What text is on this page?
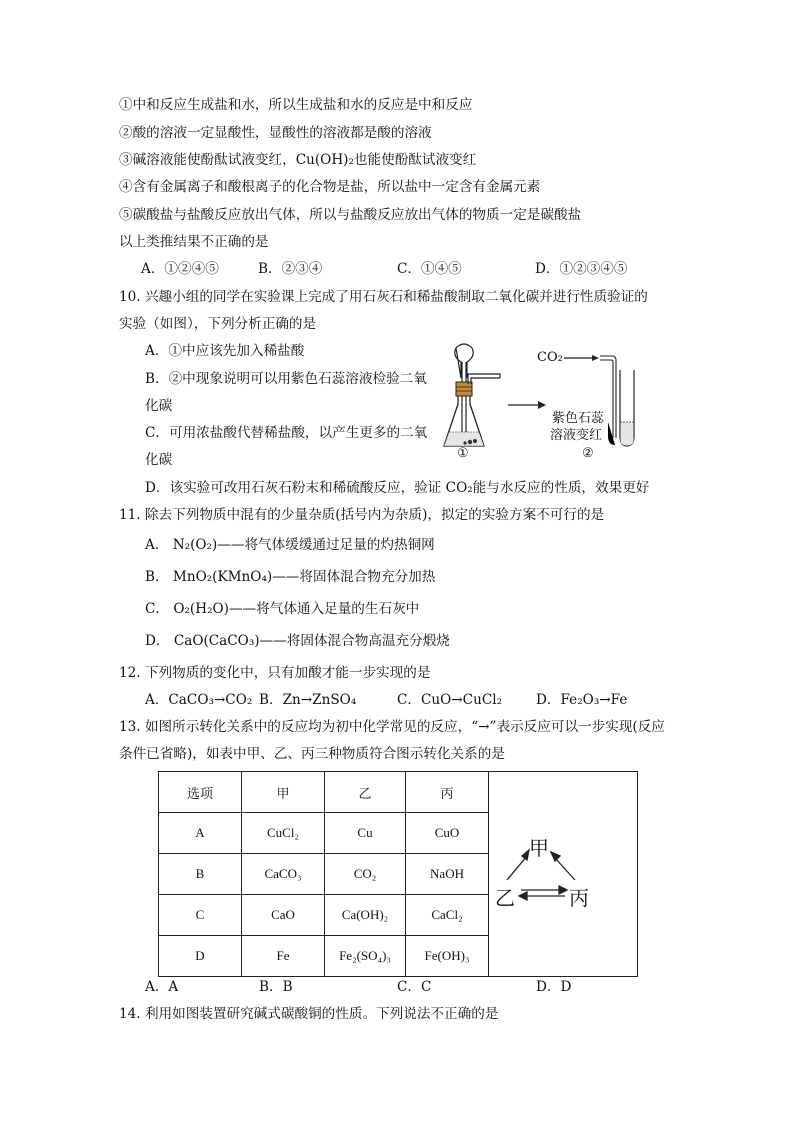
①中和反应生成盐和水，所以生成盐和水的反应是中和反应
②酸的溶液一定显酸性，显酸性的溶液都是酸的溶液
③碱溶液能使酚酞试液变红，Cu(OH)₂也能使酚酞试液变红
④含有金属离子和酸根离子的化合物是盐，所以盐中一定含有金属元素
⑤碳酸盐与盐酸反应放出气体，所以与盐酸反应放出气体的物质一定是碳酸盐
以上类推结果不正确的是
A．①②④⑤	B．②③④	C．①④⑤	D．①②③④⑤
10. 兴趣小组的同学在实验课上完成了用石灰石和稀盐酸制取二氧化碳并进行性质验证的
实验（如图），下列分析正确的是
A．①中应该先加入稀盐酸
B．②中现象说明可以用紫色石蕊溶液检验二氧
化碳
C．可用浓盐酸代替稀盐酸，以产生更多的二氧
化碳
D．该实验可改用石灰石粉末和稀硫酸反应，验证 CO₂能与水反应的性质，效果更好
CO₂
紫色石蕊
溶液变红
①	②
11. 除去下列物质中混有的少量杂质(括号内为杂质)，拟定的实验方案不可行的是
A． N₂(O₂)——将气体缓缓通过足量的灼热铜网
B． MnO₂(KMnO₄)——将固体混合物充分加热
C． O₂(H₂O)——将气体通入足量的生石灰中
D． CaO(CaCO₃)——将固体混合物高温充分煅烧
12. 下列物质的变化中，只有加酸才能一步实现的是
A．CaCO₃→CO₂ B．Zn→ZnSO₄	C．CuO→CuCl₂ D．Fe₂O₃→Fe
13. 如图所示转化关系中的反应均为初中化学常见的反应，“→”表示反应可以一步实现(反应
条件已省略)，如表中甲、乙、丙三种物质符合图示转化关系的是
选项	甲	乙	丙	甲
乙 丙

A	CuCl₂	Cu	CuO	
B	CaCO₃	CO₂	NaOH	
C	CaO	Ca(OH)₂	CaCl₂	
D	Fe	Fe₂(SO₄)₃	Fe(OH)₃	
A．A	B．B	C．C	D．D
14. 利用如图装置研究碱式碳酸铜的性质。下列说法不正确的是
